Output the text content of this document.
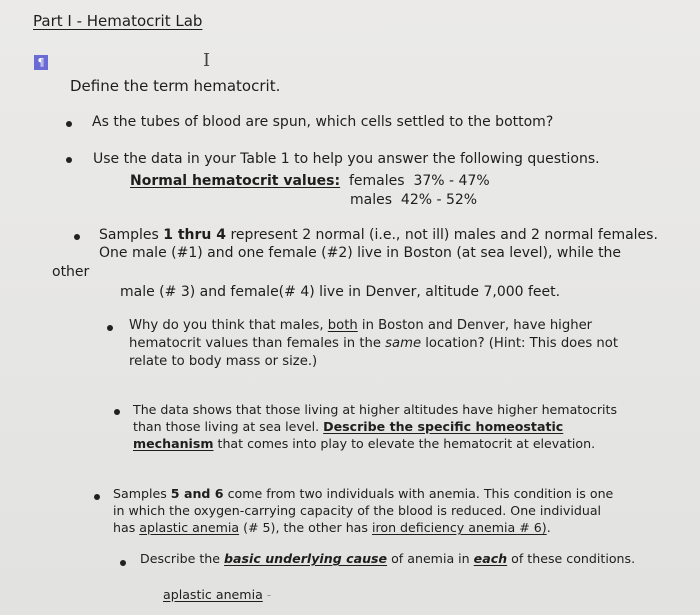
Part I - Hematocrit Lab
¶	I
Define the term hematocrit.
As the tubes of blood are spun, which cells settled to the bottom?
Use the data in your Table 1 to help you answer the following questions.
Normal hematocrit values: females 37% - 47%
males 42% - 52%
Samples 1 thru 4 represent 2 normal (i.e., not ill) males and 2 normal females.
One male (#1) and one female (#2) live in Boston (at sea level), while the
other
male (# 3) and female(# 4) live in Denver, altitude 7,000 feet.
Why do you think that males, both in Boston and Denver, have higher
hematocrit values than females in the same location? (Hint: This does not
relate to body mass or size.)
The data shows that those living at higher altitudes have higher hematocrits
than those living at sea level. Describe the specific homeostatic
mechanism that comes into play to elevate the hematocrit at elevation.
Samples 5 and 6 come from two individuals with anemia. This condition is one
in which the oxygen-carrying capacity of the blood is reduced. One individual
has aplastic anemia (# 5), the other has iron deficiency anemia # 6).
Describe the basic underlying cause of anemia in each of these conditions.
aplastic anemia -
